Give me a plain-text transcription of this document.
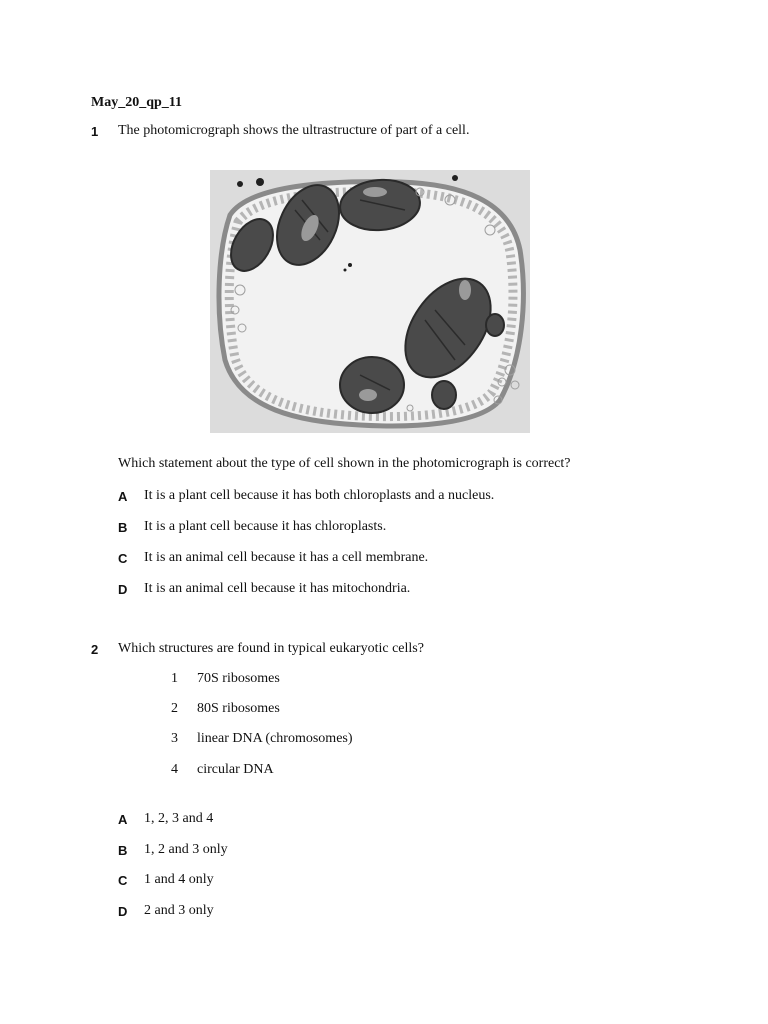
May_20_qp_11
1 The photomicrograph shows the ultrastructure of part of a cell.
Which statement about the type of cell shown in the photomicrograph is correct?
A It is a plant cell because it has both chloroplasts and a nucleus.
B It is a plant cell because it has chloroplasts.
C It is an animal cell because it has a cell membrane.
D It is an animal cell because it has mitochondria.
2 Which structures are found in typical eukaryotic cells?
1 70S ribosomes
2 80S ribosomes
3 linear DNA (chromosomes)
4 circular DNA
A 1, 2, 3 and 4
B 1, 2 and 3 only
C 1 and 4 only
D 2 and 3 only
